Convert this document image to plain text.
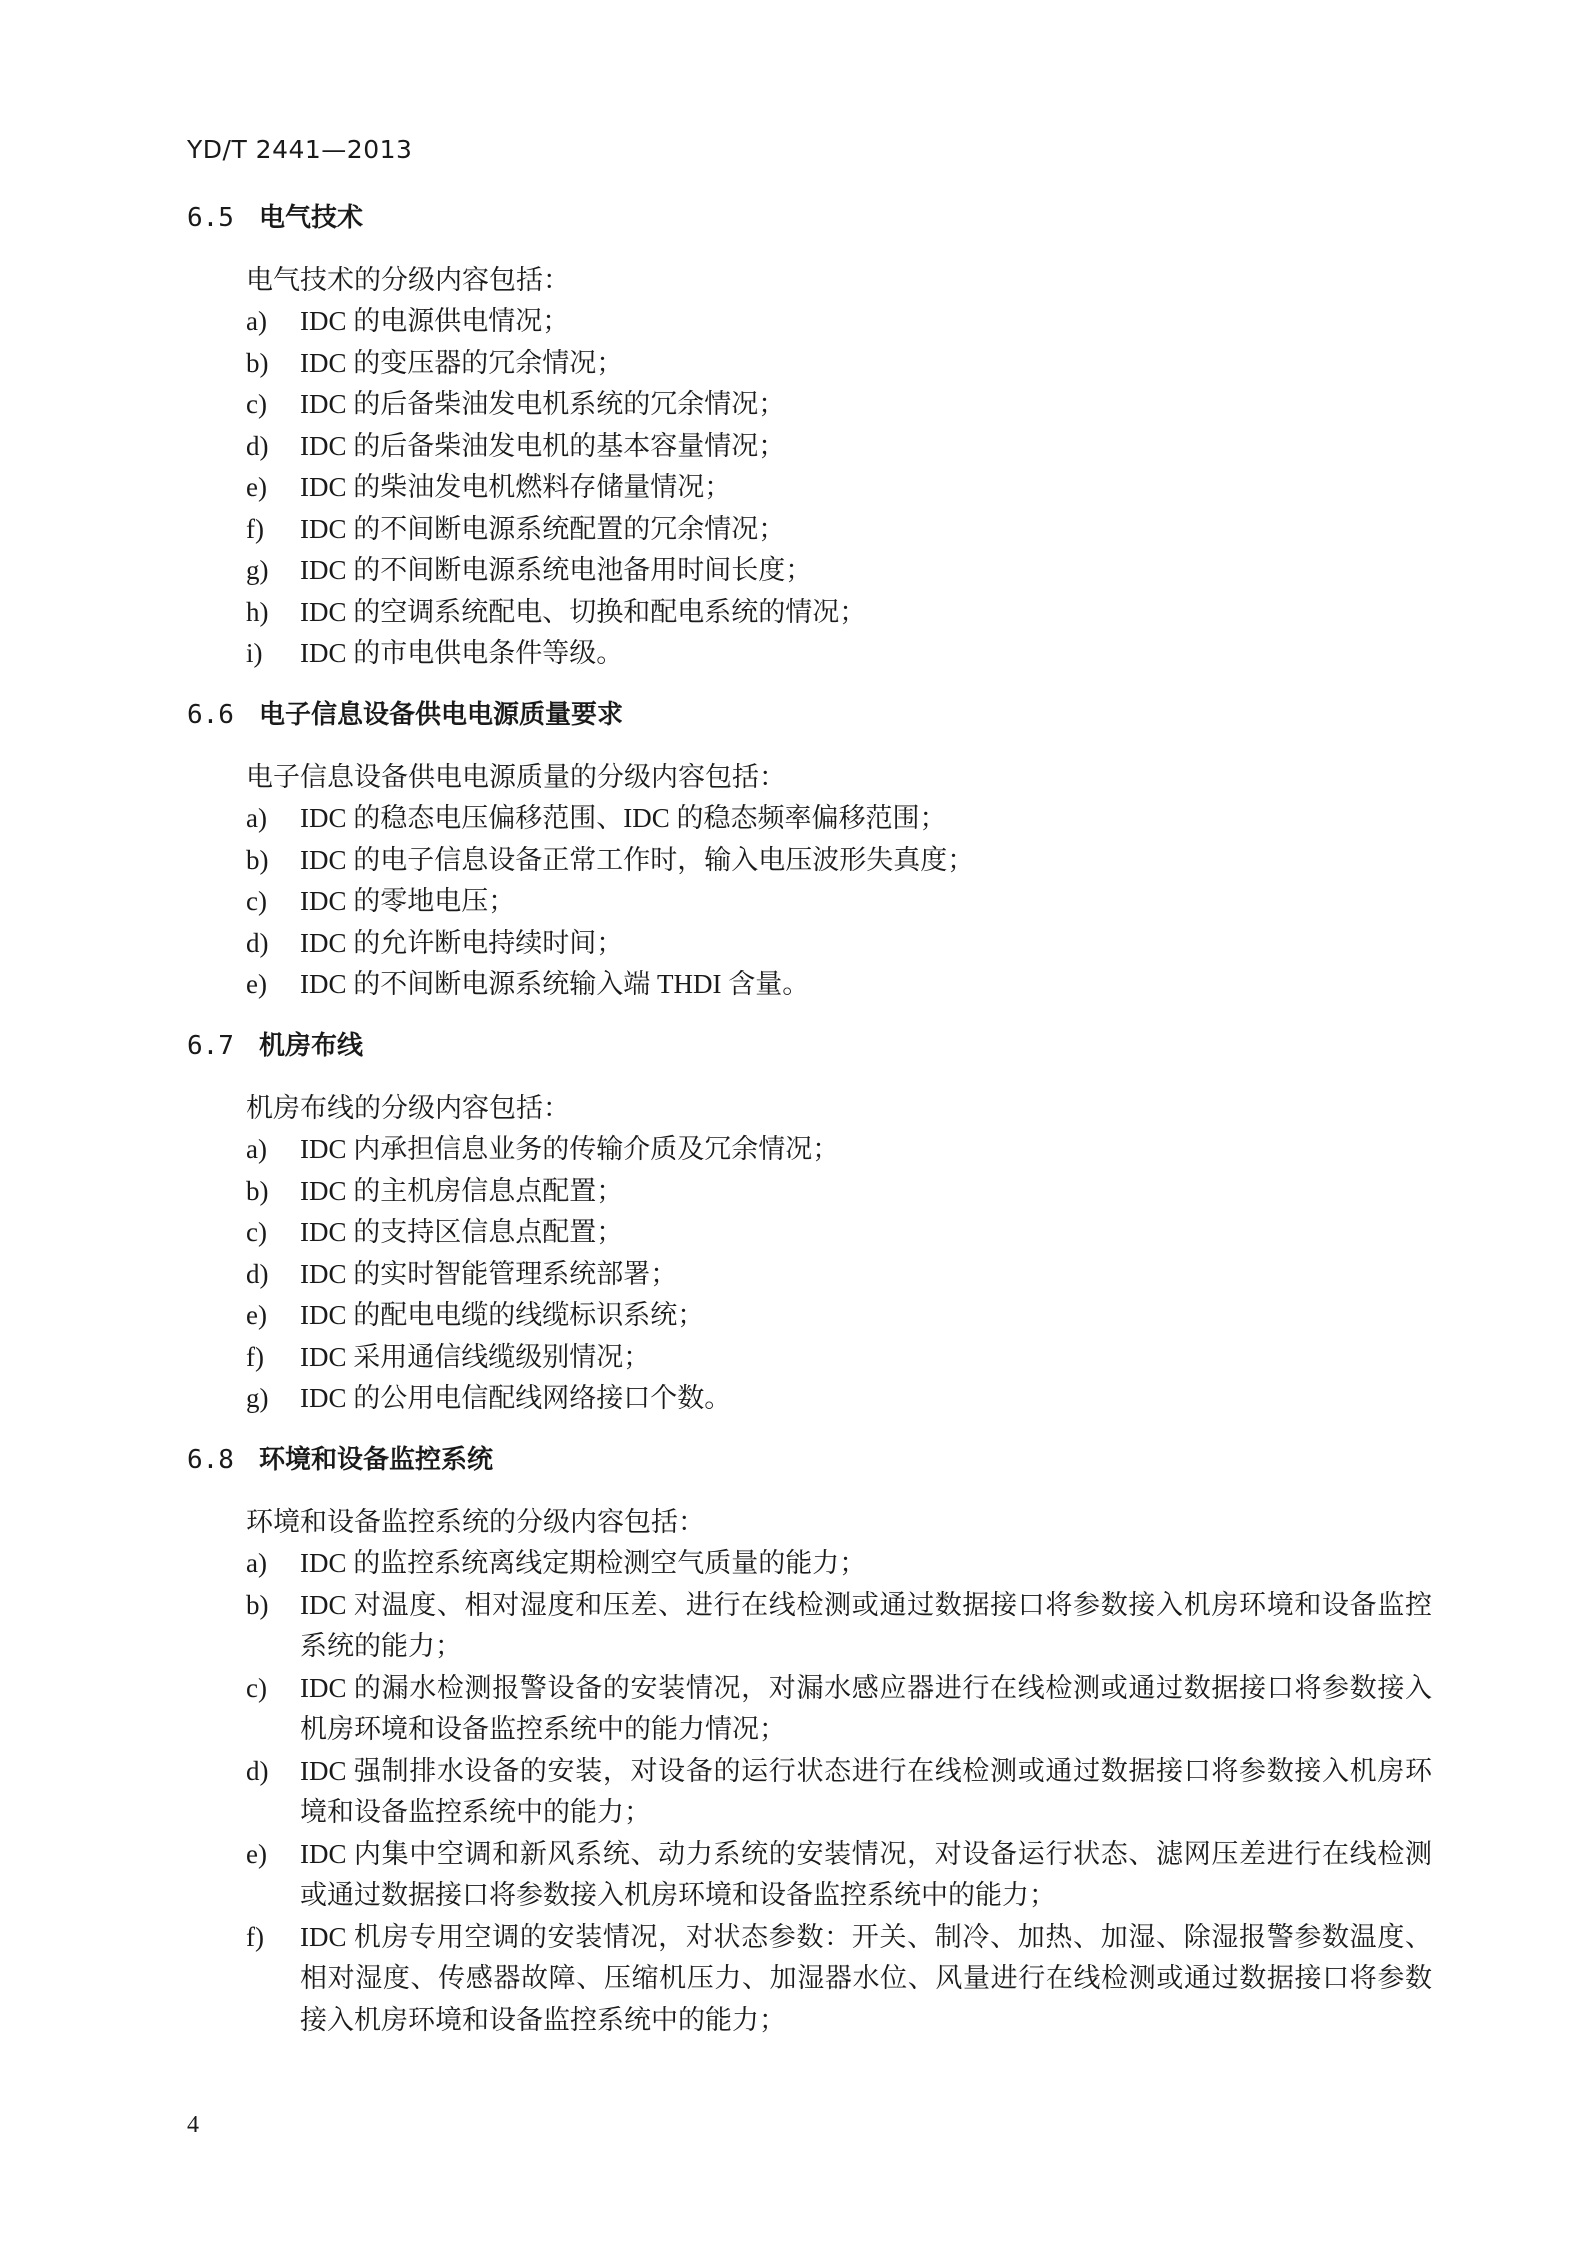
YD/T 2441—2013
6.5 电气技术
电气技术的分级内容包括：
a) IDC 的电源供电情况；
b) IDC 的变压器的冗余情况；
c) IDC 的后备柴油发电机系统的冗余情况；
d) IDC 的后备柴油发电机的基本容量情况；
e) IDC 的柴油发电机燃料存储量情况；
f) IDC 的不间断电源系统配置的冗余情况；
g) IDC 的不间断电源系统电池备用时间长度；
h) IDC 的空调系统配电、切换和配电系统的情况；
i) IDC 的市电供电条件等级。
6.6 电子信息设备供电电源质量要求
电子信息设备供电电源质量的分级内容包括：
a) IDC 的稳态电压偏移范围、IDC 的稳态频率偏移范围；
b) IDC 的电子信息设备正常工作时，输入电压波形失真度；
c) IDC 的零地电压；
d) IDC 的允许断电持续时间；
e) IDC 的不间断电源系统输入端 THDI 含量。
6.7 机房布线
机房布线的分级内容包括：
a) IDC 内承担信息业务的传输介质及冗余情况；
b) IDC 的主机房信息点配置；
c) IDC 的支持区信息点配置；
d) IDC 的实时智能管理系统部署；
e) IDC 的配电电缆的线缆标识系统；
f) IDC 采用通信线缆级别情况；
g) IDC 的公用电信配线网络接口个数。
6.8 环境和设备监控系统
环境和设备监控系统的分级内容包括：
a) IDC 的监控系统离线定期检测空气质量的能力；
b) IDC 对温度、相对湿度和压差、进行在线检测或通过数据接口将参数接入机房环境和设备监控
系统的能力；
c) IDC 的漏水检测报警设备的安装情况，对漏水感应器进行在线检测或通过数据接口将参数接入
机房环境和设备监控系统中的能力情况；
d) IDC 强制排水设备的安装，对设备的运行状态进行在线检测或通过数据接口将参数接入机房环
境和设备监控系统中的能力；
e) IDC 内集中空调和新风系统、动力系统的安装情况，对设备运行状态、滤网压差进行在线检测
或通过数据接口将参数接入机房环境和设备监控系统中的能力；
f) IDC 机房专用空调的安装情况，对状态参数：开关、制冷、加热、加湿、除湿报警参数温度、
相对湿度、传感器故障、压缩机压力、加湿器水位、风量进行在线检测或通过数据接口将参数
接入机房环境和设备监控系统中的能力；
4
